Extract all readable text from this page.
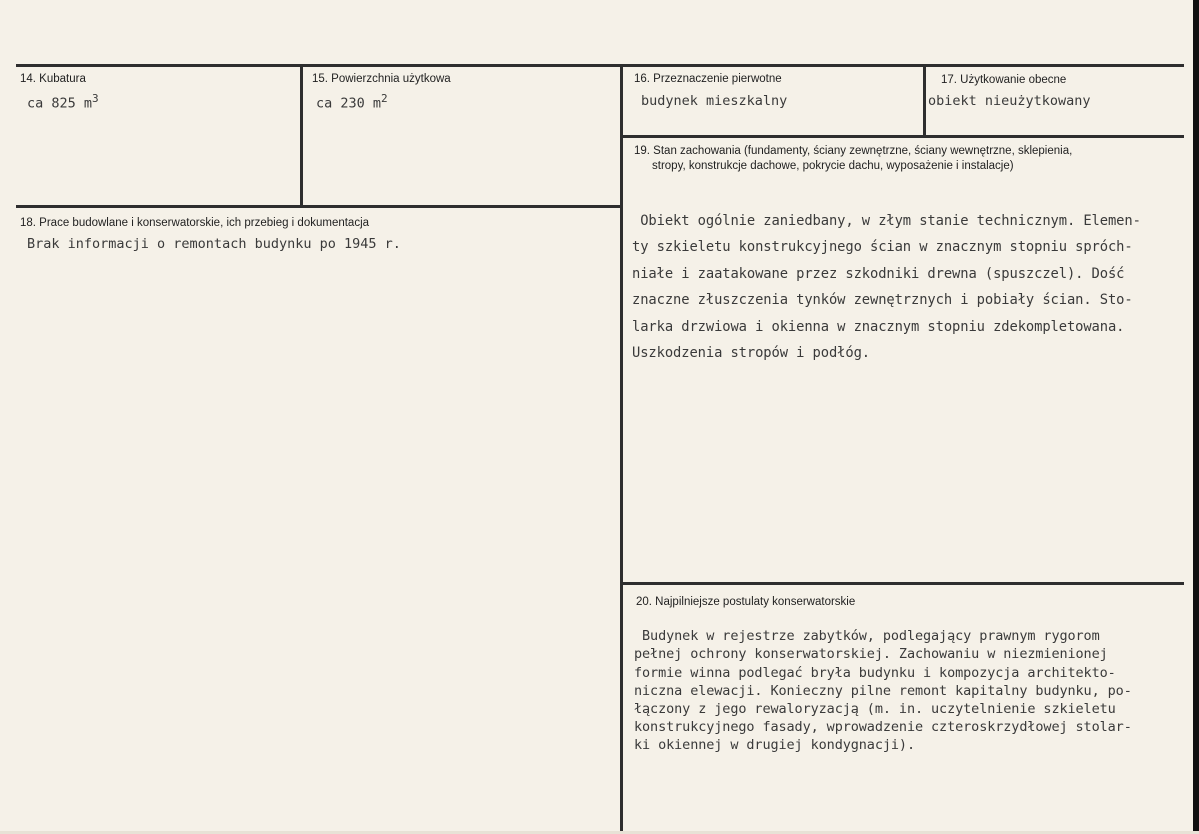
14. Kubatura
ca 825 $m^3$
15. Powierzchnia użytkowa
ca 230 $m^2$
16. Przeznaczenie pierwotne
budynek mieszkalny
17. Użytkowanie obecne
obiekt nieużytkowany
18. Prace budowlane i konserwatorskie, ich przebieg i dokumentacja
Brak informacji o remontach budynku po 1945 r.
19. Stan zachowania (fundamenty, ściany zewnętrzne, ściany wewnętrzne, sklepienia,
stropy, konstrukcje dachowe, pokrycie dachu, wyposażenie i instalacje)

Obiekt ogólnie zaniedbany, w złym stanie technicznym. Elemen-
ty szkieletu konstrukcyjnego ścian w znacznym stopniu spróch-
niałe i zaatakowane przez szkodniki drewna (spuszczel). Dość
znaczne złuszczenia tynków zewnętrznych i pobiały ścian. Sto-
larka drzwiowa i okienna w znacznym stopniu zdekompletowana.
Uszkodzenia stropów i podłóg.
20. Najpilniejsze postulaty konserwatorskie

Budynek w rejestrze zabytków, podlegający prawnym rygorom
pełnej ochrony konserwatorskiej. Zachowaniu w niezmienionej
formie winna podlegać bryła budynku i kompozycja architekto-
niczna elewacji. Konieczny pilne remont kapitalny budynku, po-
łączony z jego rewaloryzacją (m. in. uczytelnienie szkieletu
konstrukcyjnego fasady, wprowadzenie czteroskrzydłowej stolar-
ki okiennej w drugiej kondygnacji).
